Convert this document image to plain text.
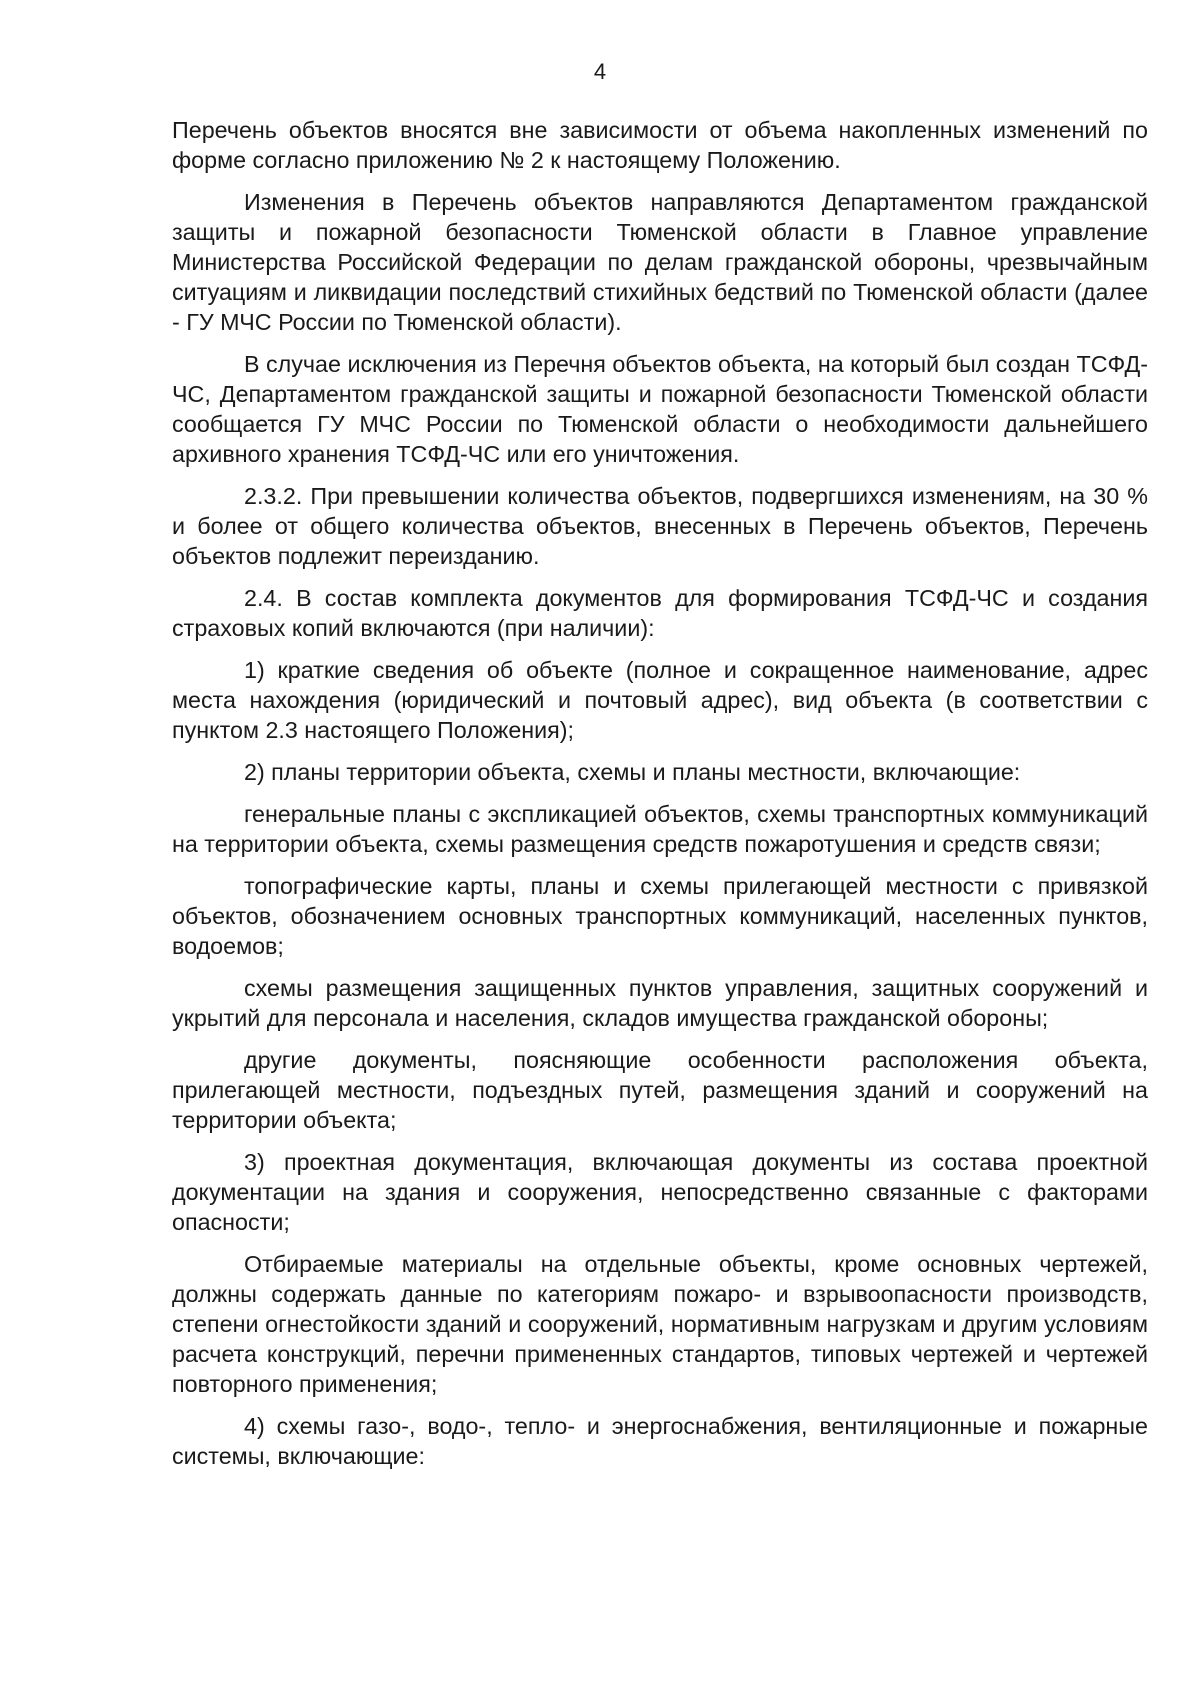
4

Перечень объектов вносятся вне зависимости от объема накопленных изменений по форме согласно приложению № 2 к настоящему Положению.

Изменения в Перечень объектов направляются Департаментом гражданской защиты и пожарной безопасности Тюменской области в Главное управление Министерства Российской Федерации по делам гражданской обороны, чрезвычайным ситуациям и ликвидации последствий стихийных бедствий по Тюменской области (далее - ГУ МЧС России по Тюменской области).

В случае исключения из Перечня объектов объекта, на который был создан ТСФД-ЧС, Департаментом гражданской защиты и пожарной безопасности Тюменской области сообщается ГУ МЧС России по Тюменской области о необходимости дальнейшего архивного хранения ТСФД-ЧС или его уничтожения.

2.3.2. При превышении количества объектов, подвергшихся изменениям, на 30 % и более от общего количества объектов, внесенных в Перечень объектов, Перечень объектов подлежит переизданию.

2.4. В состав комплекта документов для формирования ТСФД-ЧС и создания страховых копий включаются (при наличии):

1) краткие сведения об объекте (полное и сокращенное наименование, адрес места нахождения (юридический и почтовый адрес), вид объекта (в соответствии с пунктом 2.3 настоящего Положения);

2) планы территории объекта, схемы и планы местности, включающие:

генеральные планы с экспликацией объектов, схемы транспортных коммуникаций на территории объекта, схемы размещения средств пожаротушения и средств связи;

топографические карты, планы и схемы прилегающей местности с привязкой объектов, обозначением основных транспортных коммуникаций, населенных пунктов, водоемов;

схемы размещения защищенных пунктов управления, защитных сооружений и укрытий для персонала и населения, складов имущества гражданской обороны;

другие документы, поясняющие особенности расположения объекта, прилегающей местности, подъездных путей, размещения зданий и сооружений на территории объекта;

3) проектная документация, включающая документы из состава проектной документации на здания и сооружения, непосредственно связанные с факторами опасности;

Отбираемые материалы на отдельные объекты, кроме основных чертежей, должны содержать данные по категориям пожаро- и взрывоопасности производств, степени огнестойкости зданий и сооружений, нормативным нагрузкам и другим условиям расчета конструкций, перечни примененных стандартов, типовых чертежей и чертежей повторного применения;

4) схемы газо-, водо-, тепло- и энергоснабжения, вентиляционные и пожарные системы, включающие:
